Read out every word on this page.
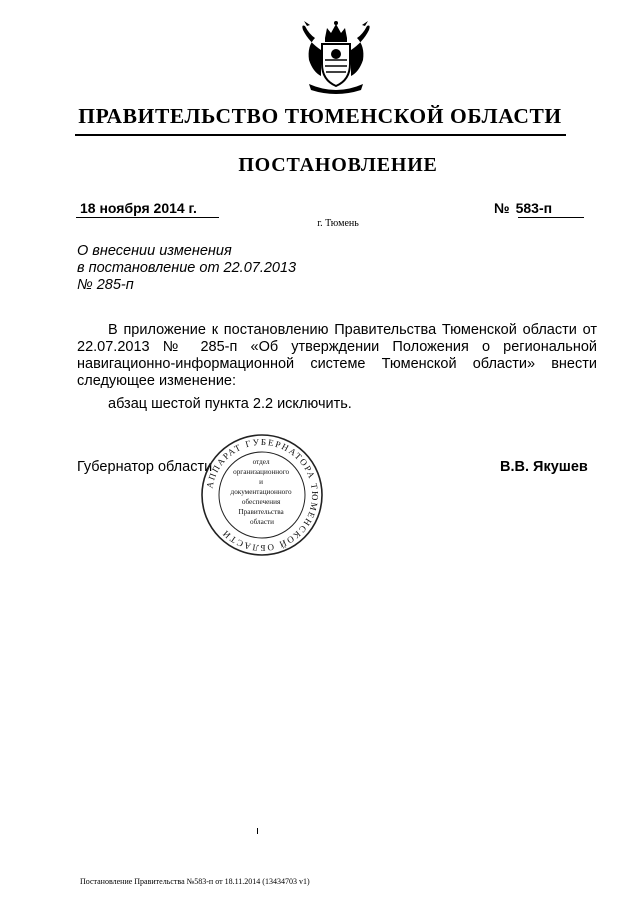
ПРАВИТЕЛЬСТВО ТЮМЕНСКОЙ ОБЛАСТИ
ПОСТАНОВЛЕНИЕ
18 ноября 2014 г.	№ 583-п
г. Тюмень
О внесении изменения
в постановление от 22.07.2013
№ 285-п
В приложение к постановлению Правительства Тюменской области от
22.07.2013 № 285-п «Об утверждении Положения о региональной
навигационно-информационной системе Тюменской области» внести
следующее изменение:
абзац шестой пункта 2.2 исключить.
Губернатор области	В.В. Якушев
АППАРАТ ГУБЕРНАТОРА ТЮМЕНСКОЙ ОБЛАСТИ
отдел организационного и документационного обеспечения Правительства области
Постановление Правительства №583-п от 18.11.2014 (13434703 v1)
